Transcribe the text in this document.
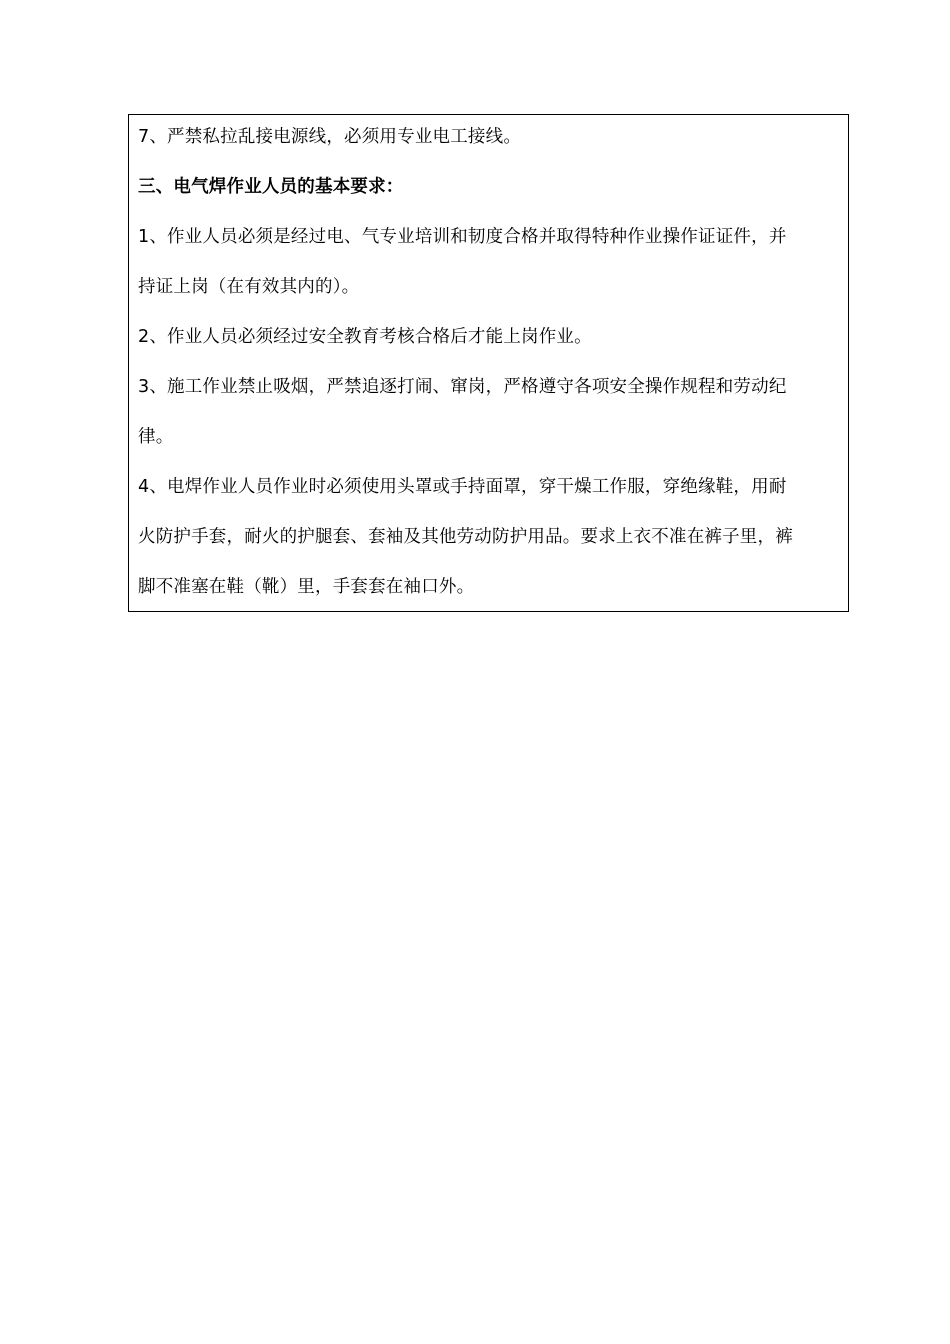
7、严禁私拉乱接电源线，必须用专业电工接线。

三、电气焊作业人员的基本要求：

1、作业人员必须是经过电、气专业培训和韧度合格并取得特种作业操作证证件，并

持证上岗（在有效其内的）。

2、作业人员必须经过安全教育考核合格后才能上岗作业。

3、施工作业禁止吸烟，严禁追逐打闹、窜岗，严格遵守各项安全操作规程和劳动纪

律。

4、电焊作业人员作业时必须使用头罩或手持面罩，穿干燥工作服，穿绝缘鞋，用耐

火防护手套，耐火的护腿套、套袖及其他劳动防护用品。要求上衣不准在裤子里，裤

脚不准塞在鞋（靴）里，手套套在袖口外。
